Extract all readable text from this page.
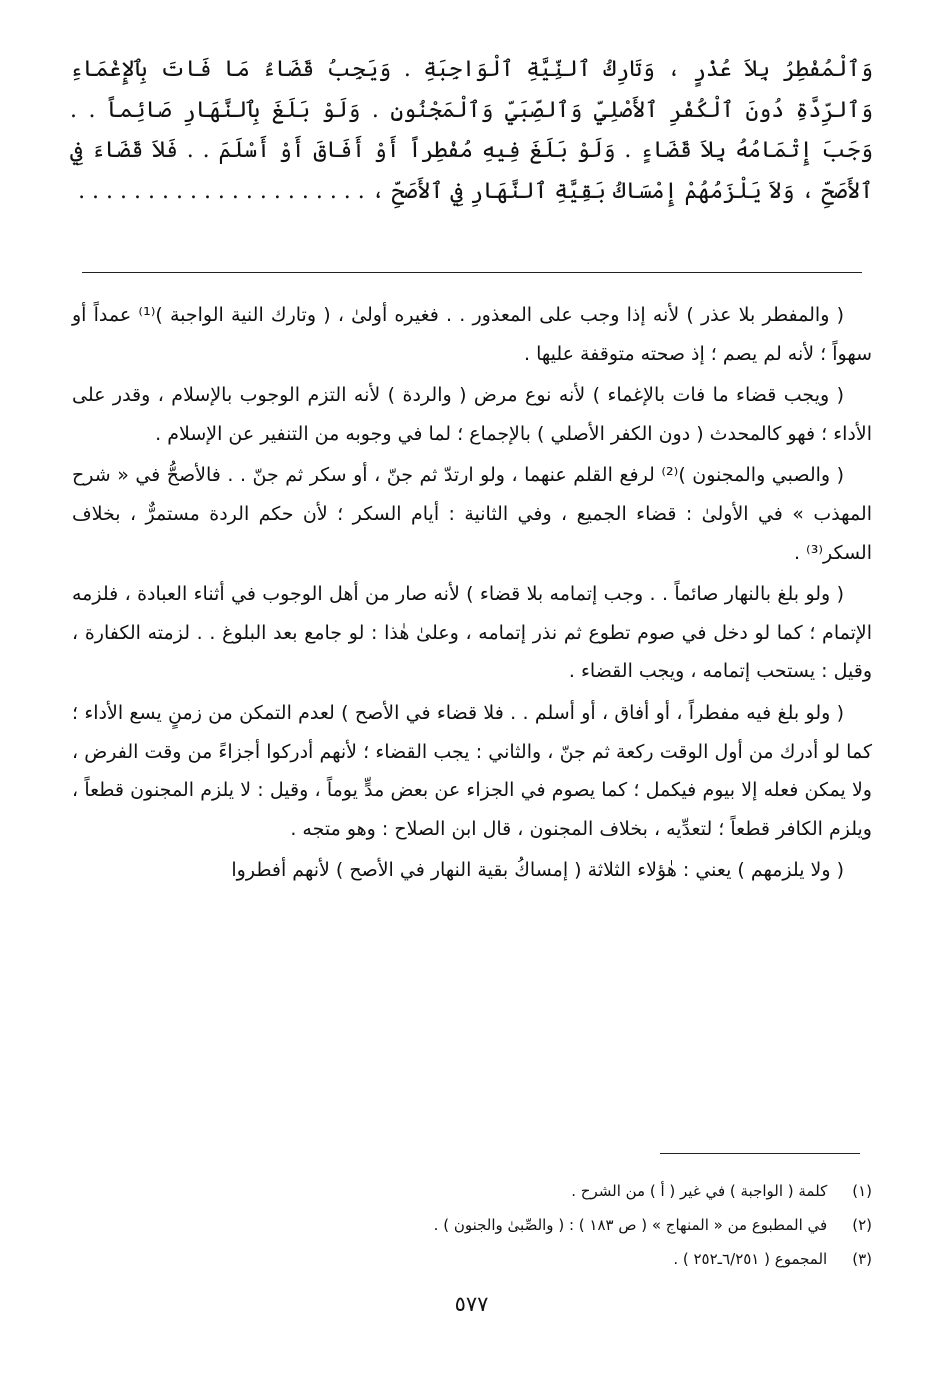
وَٱلْمُفْطِرُ بِلاَ عُذْرٍ ، وَتَارِكُ ٱلنِّيَّةِ ٱلْوَاجِبَةِ . وَيَجِبُ قَضَاءُ مَا فَاتَ بِٱلإِغْمَاءِ وَٱلرِّدَّةِ دُونَ ٱلْكُفْرِ ٱلأَصْلِيِّ وَٱلصِّبَيِّ وَٱلْمَجْنُونِ . وَلَوْ بَلَغَ بِٱلنَّهَارِ صَائِماً . . وَجَبَ إِتْمَامُهُ بِلاَ قَضَاءٍ . وَلَوْ بَلَغَ فِيهِ مُفْطِراً أَوْ أَفَاقَ أَوْ أَسْلَمَ . . فَلاَ قَضَاءَ فِي ٱلأَصَحِّ ، وَلاَ يَلْزَمُهُمْ إِمْسَاكُ بَقِيَّةِ ٱلنَّهَارِ فِي ٱلأَصَحِّ ، . . . . . . . . . . . . . . . . . . . . .

( والمفطر بلا عذر ) لأنه إذا وجب على المعذور . . فغيره أولىٰ ، ( وتارك النية الواجبة )⁽¹⁾ عمداً أو سهواً ؛ لأنه لم يصم ؛ إذ صحته متوقفة عليها .

( ويجب قضاء ما فات بالإغماء ) لأنه نوع مرض ( والردة ) لأنه التزم الوجوب بالإسلام ، وقدر على الأداء ؛ فهو كالمحدث ( دون الكفر الأصلي ) بالإجماع ؛ لما في وجوبه من التنفير عن الإسلام .

( والصبي والمجنون )⁽²⁾ لرفع القلم عنهما ، ولو ارتدّ ثم جنّ ، أو سكر ثم جنّ . . فالأصحُّ في « شرح المهذب » في الأولىٰ : قضاء الجميع ، وفي الثانية : أيام السكر ؛ لأن حكم الردة مستمرٌّ ، بخلاف السكر⁽³⁾ .

( ولو بلغ بالنهار صائماً . . وجب إتمامه بلا قضاء ) لأنه صار من أهل الوجوب في أثناء العبادة ، فلزمه الإتمام ؛ كما لو دخل في صوم تطوع ثم نذر إتمامه ، وعلىٰ هٰذا : لو جامع بعد البلوغ . . لزمته الكفارة ، وقيل : يستحب إتمامه ، ويجب القضاء .

( ولو بلغ فيه مفطراً ، أو أفاق ، أو أسلم . . فلا قضاء في الأصح ) لعدم التمكن من زمنٍ يسع الأداء ؛ كما لو أدرك من أول الوقت ركعة ثم جنّ ، والثاني : يجب القضاء ؛ لأنهم أدركوا أجزاءً من وقت الفرض ، ولا يمكن فعله إلا بيوم فيكمل ؛ كما يصوم في الجزاء عن بعض مدٍّ يوماً ، وقيل : لا يلزم المجنون قطعاً ، ويلزم الكافر قطعاً ؛ لتعدِّيه ، بخلاف المجنون ، قال ابن الصلاح : وهو متجه .

( ولا يلزمهم ) يعني : هٰؤلاء الثلاثة ( إمساكُ بقية النهار في الأصح ) لأنهم أفطروا

(١) كلمة ( الواجبة ) في غير ( أ ) من الشرح .
(٢) في المطبوع من « المنهاج » ( ص ١٨٣ ) : ( والصِّبىٰ والجنون ) .
(٣) المجموع ( ٦/٢٥١ـ٢٥٢ ) .
٥٧٧
